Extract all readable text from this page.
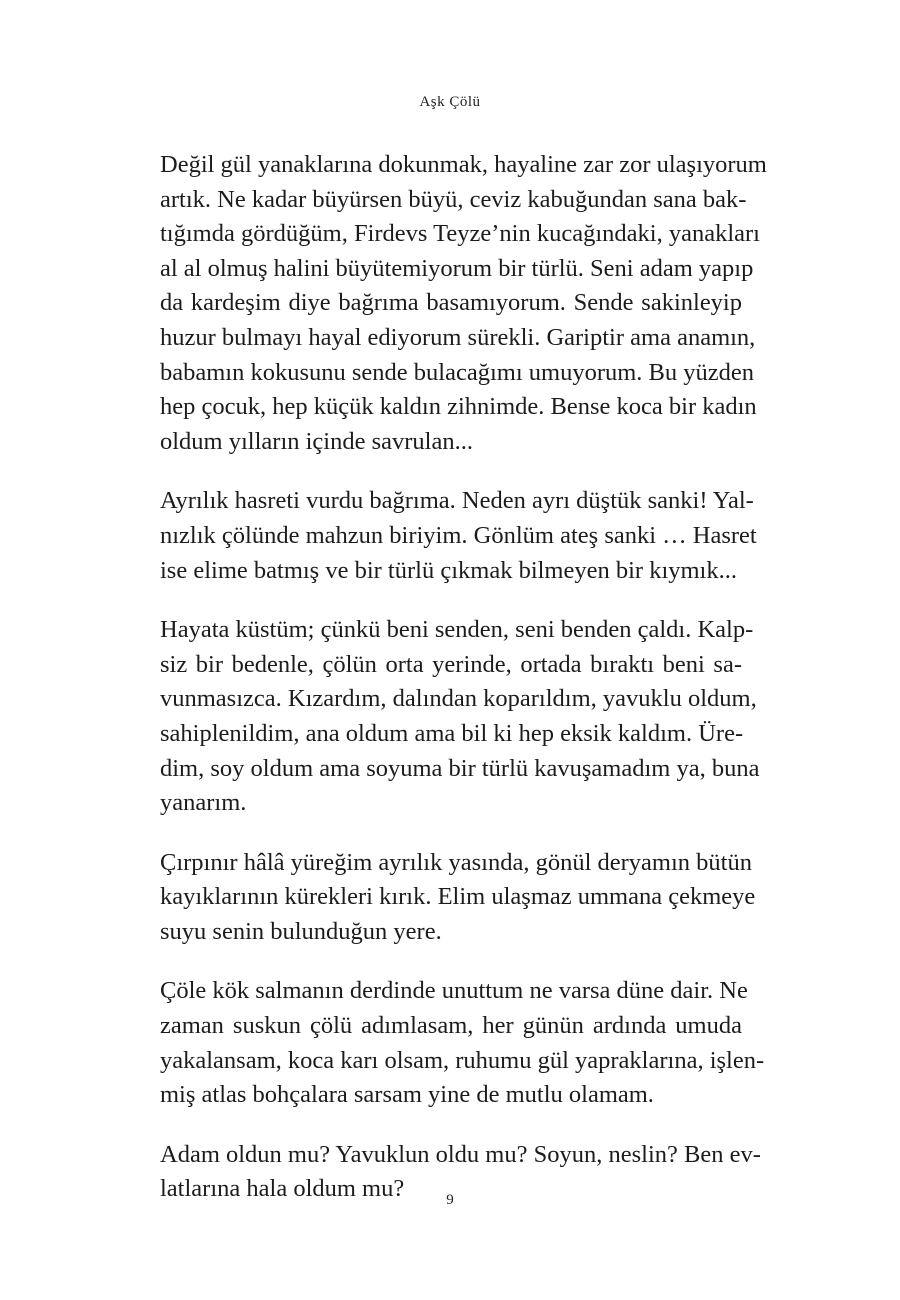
Aşk Çölü

Değil gül yanaklarına dokunmak, hayaline zar zor ulaşıyorum
artık. Ne kadar büyürsen büyü, ceviz kabuğundan sana bak-
tığımda gördüğüm, Firdevs Teyze’nin kucağındaki, yanakları
al al olmuş halini büyütemiyorum bir türlü. Seni adam yapıp
da kardeşim diye bağrıma basamıyorum. Sende sakinleyip
huzur bulmayı hayal ediyorum sürekli. Gariptir ama anamın,
babamın kokusunu sende bulacağımı umuyorum. Bu yüzden
hep çocuk, hep küçük kaldın zihnimde. Bense koca bir kadın
oldum yılların içinde savrulan...

Ayrılık hasreti vurdu bağrıma. Neden ayrı düştük sanki! Yal-
nızlık çölünde mahzun biriyim. Gönlüm ateş sanki … Hasret
ise elime batmış ve bir türlü çıkmak bilmeyen bir kıymık...

Hayata küstüm; çünkü beni senden, seni benden çaldı. Kalp-
siz bir bedenle, çölün orta yerinde, ortada bıraktı beni sa-
vunmasızca. Kızardım, dalından koparıldım, yavuklu oldum,
sahiplenildim, ana oldum ama bil ki hep eksik kaldım. Üre-
dim, soy oldum ama soyuma bir türlü kavuşamadım ya, buna
yanarım.

Çırpınır hâlâ yüreğim ayrılık yasında, gönül deryamın bütün
kayıklarının kürekleri kırık. Elim ulaşmaz ummana çekmeye
suyu senin bulunduğun yere.

Çöle kök salmanın derdinde unuttum ne varsa düne dair. Ne
zaman suskun çölü adımlasam, her günün ardında umuda
yakalansam, koca karı olsam, ruhumu gül yapraklarına, işlen-
miş atlas bohçalara sarsam yine de mutlu olamam.

Adam oldun mu? Yavuklun oldu mu? Soyun, neslin? Ben ev-
latlarına hala oldum mu?	9
